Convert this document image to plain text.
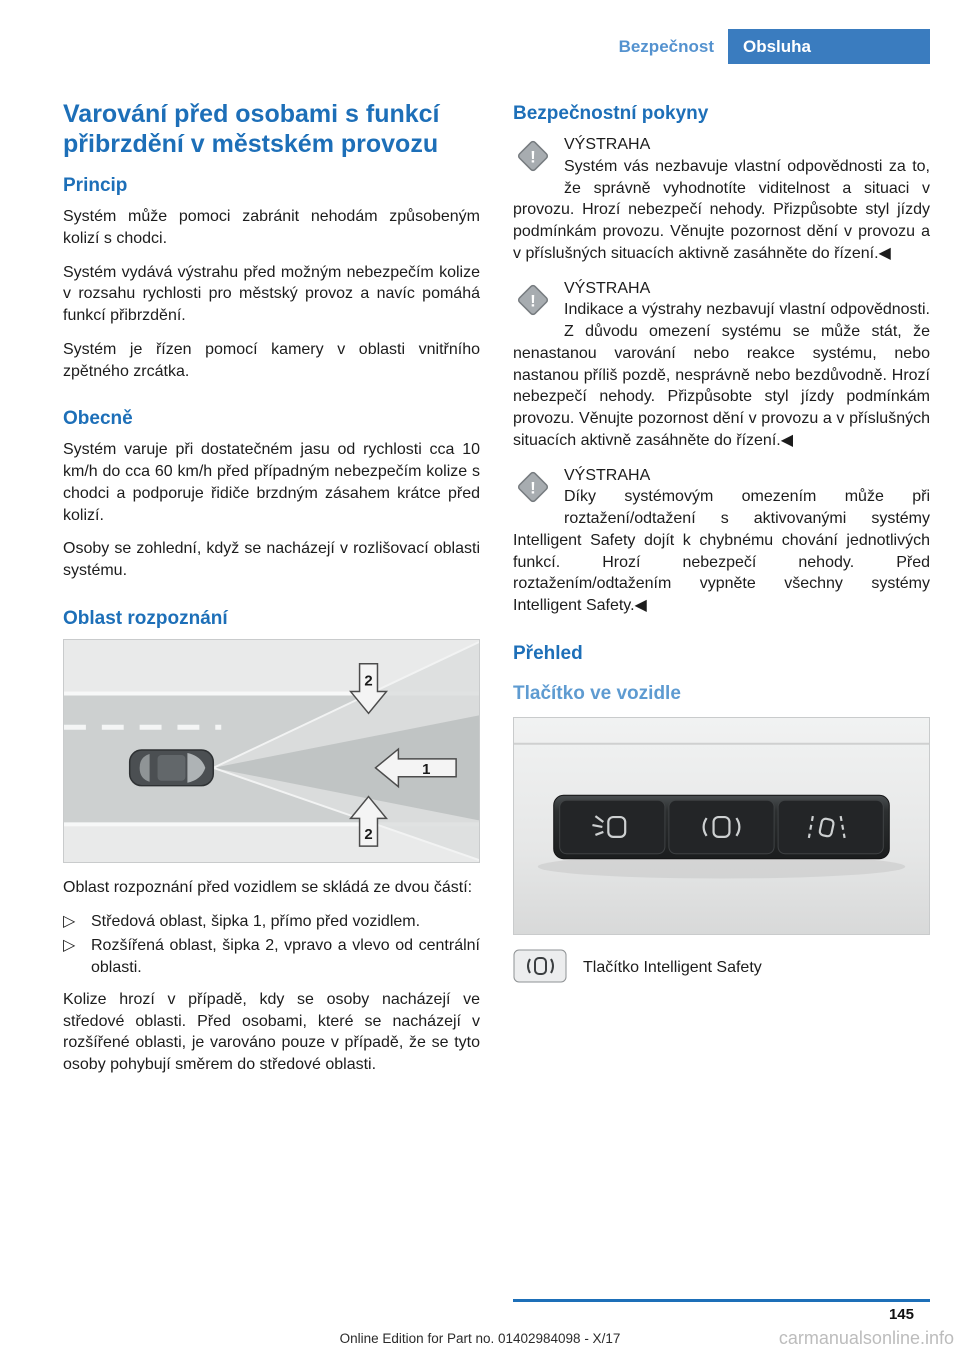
Bezpečnost	Obsluha
Varování před osobami s funkcí přibrzdění v městském provozu
Princip

Systém může pomoci zabránit nehodám způsobeným kolizí s chodci.

Systém vydává výstrahu před možným nebezpečím kolize v rozsahu rychlosti pro městský provoz a navíc pomáhá funkcí přibrzdění.

Systém je řízen pomocí kamery v oblasti vnitřního zpětného zrcátka.

Obecně

Systém varuje při dostatečném jasu od rychlosti cca 10 km/h do cca 60 km/h před případným nebezpečím kolize s chodci a podporuje řidiče brzdným zásahem krátce před kolizí.

Osoby se zohlední, když se nacházejí v rozlišovací oblasti systému.

Oblast rozpoznání
1
2
2

Oblast rozpoznání před vozidlem se skládá ze dvou částí:

▷ Středová oblast, šipka 1, přímo před vozidlem.
▷ Rozšířená oblast, šipka 2, vpravo a vlevo od centrální oblasti.

Kolize hrozí v případě, kdy se osoby nacházejí ve středové oblasti. Před osobami, které se nacházejí v rozšířené oblasti, je varováno pouze v případě, že se tyto osoby pohybují směrem do středové oblasti.

Bezpečnostní pokyny
!
VÝSTRAHA
Systém vás nezbavuje vlastní odpovědnosti za to, že správně vyhodnotíte viditelnost a situaci v provozu. Hrozí nebezpečí nehody. Přizpůsobte styl jízdy podmínkám provozu. Věnujte pozornost dění v provozu a v příslušných situacích aktivně zasáhněte do řízení.◀
!
VÝSTRAHA
Indikace a výstrahy nezbavují vlastní odpovědnosti. Z důvodu omezení systému se může stát, že nenastanou varování nebo reakce systému, nebo nastanou příliš pozdě, nesprávně nebo bezdůvodně. Hrozí nebezpečí nehody. Přizpůsobte styl jízdy podmínkám provozu. Věnujte pozornost dění v provozu a v příslušných situacích aktivně zasáhněte do řízení.◀
!
VÝSTRAHA
Díky systémovým omezením může při roztažení/odtažení s aktivovanými systémy Intelligent Safety dojít k chybnému chování jednotlivých funkcí. Hrozí nebezpečí nehody. Před roztažením/odtažením vypněte všechny systémy Intelligent Safety.◀
Přehled
Tlačítko ve vozidle
Tlačítko Intelligent Safety
145
Online Edition for Part no. 01402984098 - X/17	carmanualsonline.info
